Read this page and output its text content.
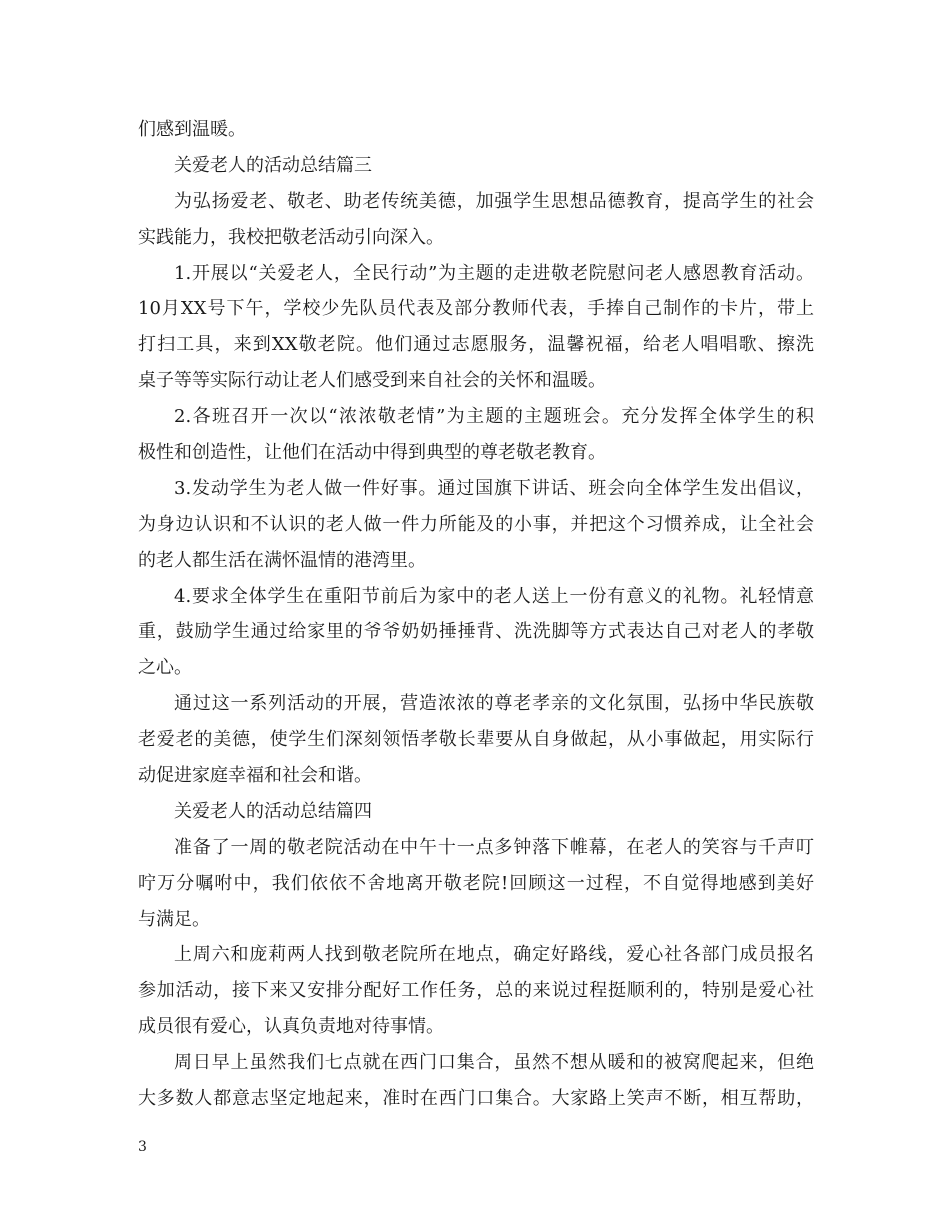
们感到温暖。
关爱老人的活动总结篇三
为弘扬爱老、敬老、助老传统美德，加强学生思想品德教育，提高学生的社会
实践能力，我校把敬老活动引向深入。
1.开展以“关爱老人，全民行动”为主题的走进敬老院慰问老人感恩教育活动。
10月XX号下午，学校少先队员代表及部分教师代表，手捧自己制作的卡片，带上
打扫工具，来到XX敬老院。他们通过志愿服务，温馨祝福，给老人唱唱歌、擦洗
桌子等等实际行动让老人们感受到来自社会的关怀和温暖。
2.各班召开一次以“浓浓敬老情”为主题的主题班会。充分发挥全体学生的积
极性和创造性，让他们在活动中得到典型的尊老敬老教育。
3.发动学生为老人做一件好事。通过国旗下讲话、班会向全体学生发出倡议，
为身边认识和不认识的老人做一件力所能及的小事，并把这个习惯养成，让全社会
的老人都生活在满怀温情的港湾里。
4.要求全体学生在重阳节前后为家中的老人送上一份有意义的礼物。礼轻情意
重，鼓励学生通过给家里的爷爷奶奶捶捶背、洗洗脚等方式表达自己对老人的孝敬
之心。
通过这一系列活动的开展，营造浓浓的尊老孝亲的文化氛围，弘扬中华民族敬
老爱老的美德，使学生们深刻领悟孝敬长辈要从自身做起，从小事做起，用实际行
动促进家庭幸福和社会和谐。
关爱老人的活动总结篇四
准备了一周的敬老院活动在中午十一点多钟落下帷幕，在老人的笑容与千声叮
咛万分嘱咐中，我们依依不舍地离开敬老院!回顾这一过程，不自觉得地感到美好
与满足。
上周六和庞莉两人找到敬老院所在地点，确定好路线，爱心社各部门成员报名
参加活动，接下来又安排分配好工作任务，总的来说过程挺顺利的，特别是爱心社
成员很有爱心，认真负责地对待事情。
周日早上虽然我们七点就在西门口集合，虽然不想从暖和的被窝爬起来，但绝
大多数人都意志坚定地起来，准时在西门口集合。大家路上笑声不断，相互帮助，
3
